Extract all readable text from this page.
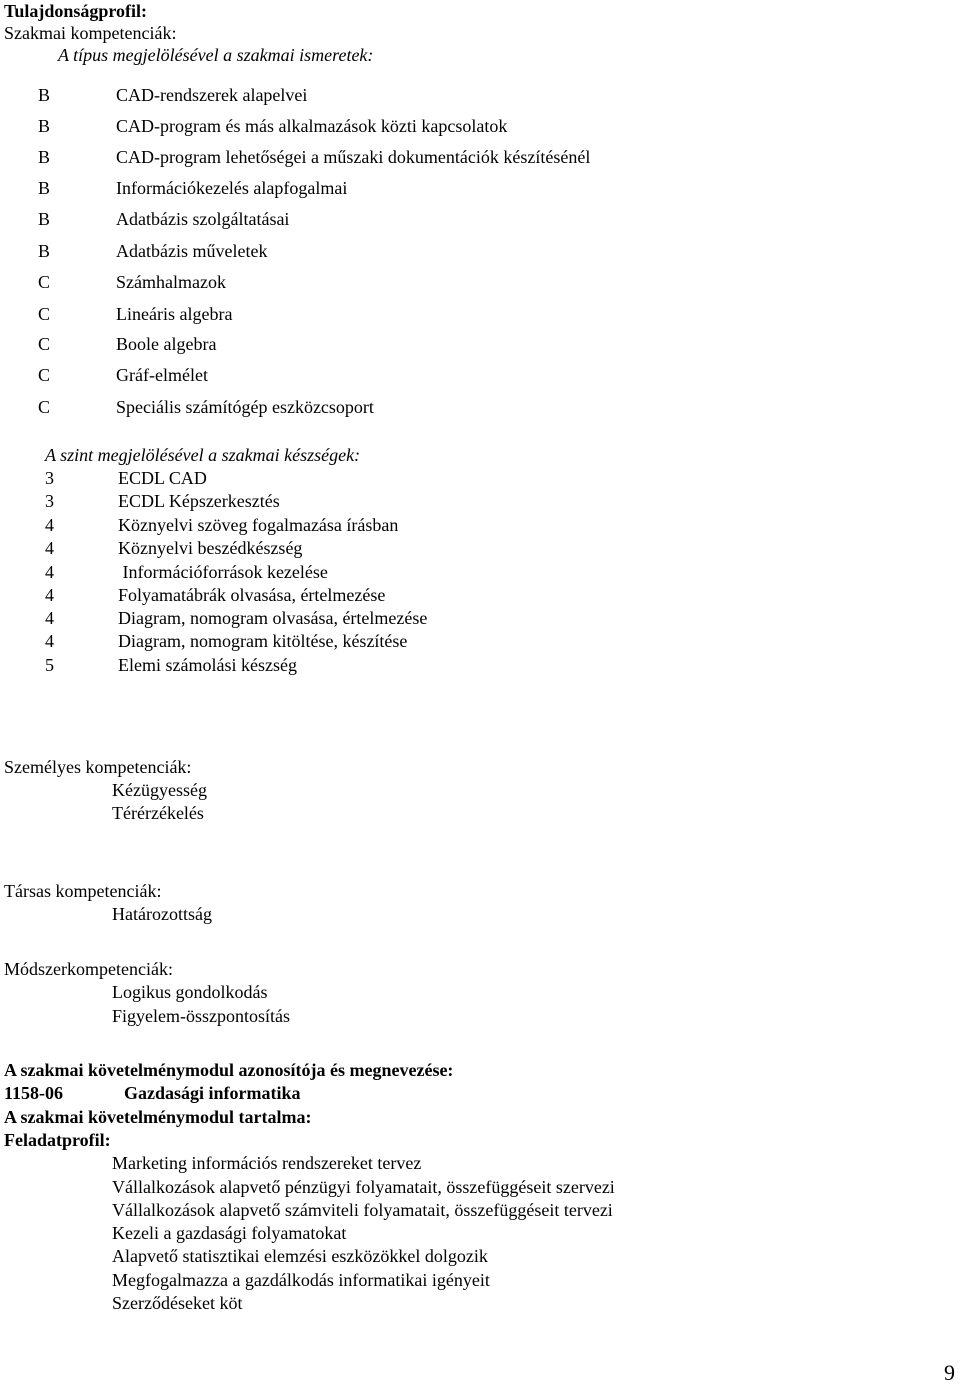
Tulajdonságprofil:
Szakmai kompetenciák:
A típus megjelölésével a szakmai ismeretek:
B	CAD-rendszerek alapelvei
B	CAD-program és más alkalmazások közti kapcsolatok
B	CAD-program lehetőségei a műszaki dokumentációk készítésénél
B	Információkezelés alapfogalmai
B	Adatbázis szolgáltatásai
B	Adatbázis műveletek
C	Számhalmazok
C	Lineáris algebra
C	Boole algebra
C	Gráf-elmélet
C	Speciális számítógép eszközcsoport
A szint megjelölésével a szakmai készségek:
3	ECDL CAD
3	ECDL Képszerkesztés
4	Köznyelvi szöveg fogalmazása írásban
4	Köznyelvi beszédkészség
4	Információforrások kezelése
4	Folyamatábrák olvasása, értelmezése
4	Diagram, nomogram olvasása, értelmezése
4	Diagram, nomogram kitöltése, készítése
5	Elemi számolási készség
Személyes kompetenciák:
Kézügyesség
Térérzékelés
Társas kompetenciák:
Határozottság
Módszerkompetenciák:
Logikus gondolkodás
Figyelem-összpontosítás
A szakmai követelménymodul azonosítója és megnevezése:
1158-06	Gazdasági informatika
A szakmai követelménymodul tartalma:
Feladatprofil:
Marketing információs rendszereket tervez
Vállalkozások alapvető pénzügyi folyamatait, összefüggéseit szervezi
Vállalkozások alapvető számviteli folyamatait, összefüggéseit tervezi
Kezeli a gazdasági folyamatokat
Alapvető statisztikai elemzési eszközökkel dolgozik
Megfogalmazza a gazdálkodás informatikai igényeit
Szerződéseket köt
9
